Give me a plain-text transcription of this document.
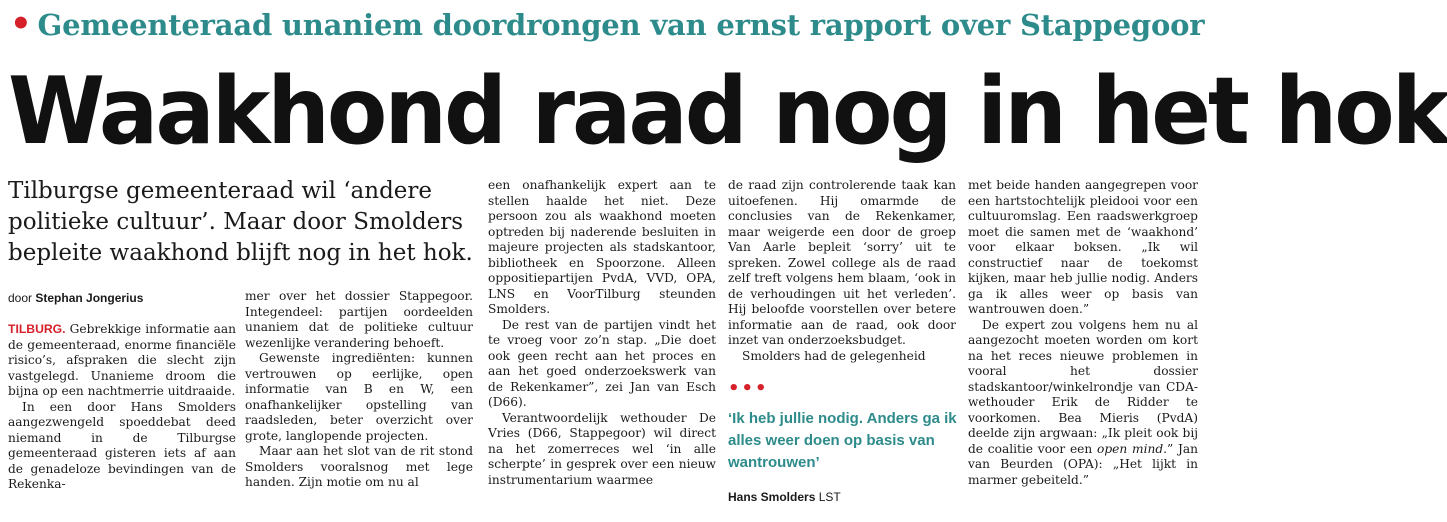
• Gemeenteraad unaniem doordrongen van ernst rapport over Stappegoor
Waakhond raad nog in het hok
Tilburgse gemeenteraad wil ‘andere politieke cultuur’. Maar door Smolders bepleite waakhond blijft nog in het hok.
door Stephan Jongerius

TILBURG. Gebrekkige informatie aan de gemeenteraad, enorme financiële risico’s, afspraken die slecht zijn vastgelegd. Unanieme droom die bijna op een nachtmerrie uitdraaide.

In een door Hans Smolders aangezwengeld spoeddebat deed niemand in de Tilburgse gemeenteraad gisteren iets af aan de genadeloze bevindingen van de Rekenka-

mer over het dossier Stappegoor. Integendeel: partijen oordeelden unaniem dat de politieke cultuur wezenlijke verandering behoeft.

Gewenste ingrediënten: kunnen vertrouwen op eerlijke, open informatie van B en W, een onafhankelijker opstelling van raadsleden, beter overzicht over grote, langlopende projecten.

Maar aan het slot van de rit stond Smolders vooralsnog met lege handen. Zijn motie om nu al

een onafhankelijk expert aan te stellen haalde het niet. Deze persoon zou als waakhond moeten optreden bij naderende besluiten in majeure projecten als stadskantoor, bibliotheek en Spoorzone. Alleen oppositiepartijen PvdA, VVD, OPA, LNS en VoorTilburg steunden Smolders.

De rest van de partijen vindt het te vroeg voor zo’n stap. „Die doet ook geen recht aan het proces en aan het goed onderzoekswerk van de Rekenkamer”, zei Jan van Esch (D66).

Verantwoordelijk wethouder De Vries (D66, Stappegoor) wil direct na het zomerreces wel ‘in alle scherpte’ in gesprek over een nieuw instrumentarium waarmee

de raad zijn controlerende taak kan uitoefenen. Hij omarmde de conclusies van de Rekenkamer, maar weigerde een door de groep Van Aarle bepleit ‘sorry’ uit te spreken. Zowel college als de raad zelf treft volgens hem blaam, ‘ook in de verhoudingen uit het verleden’. Hij beloofde voorstellen over betere informatie aan de raad, ook door inzet van onderzoeksbudget.

Smolders had de gelegenheid

•••
‘Ik heb jullie nodig. Anders ga ik alles weer doen op basis van wantrouwen’
Hans Smolders LST

met beide handen aangegrepen voor een hartstochtelijk pleidooi voor een cultuuromslag. Een raadswerkgroep moet die samen met de ‘waakhond’ voor elkaar boksen. „Ik wil constructief naar de toekomst kijken, maar heb jullie nodig. Anders ga ik alles weer op basis van wantrouwen doen.”

De expert zou volgens hem nu al aangezocht moeten worden om kort na het reces nieuwe problemen in vooral het dossier stadskantoor/winkelrondje van CDA-wethouder Erik de Ridder te voorkomen. Bea Mieris (PvdA) deelde zijn argwaan: „Ik pleit ook bij de coalitie voor een open mind.” Jan van Beurden (OPA): „Het lijkt in marmer gebeiteld.”
